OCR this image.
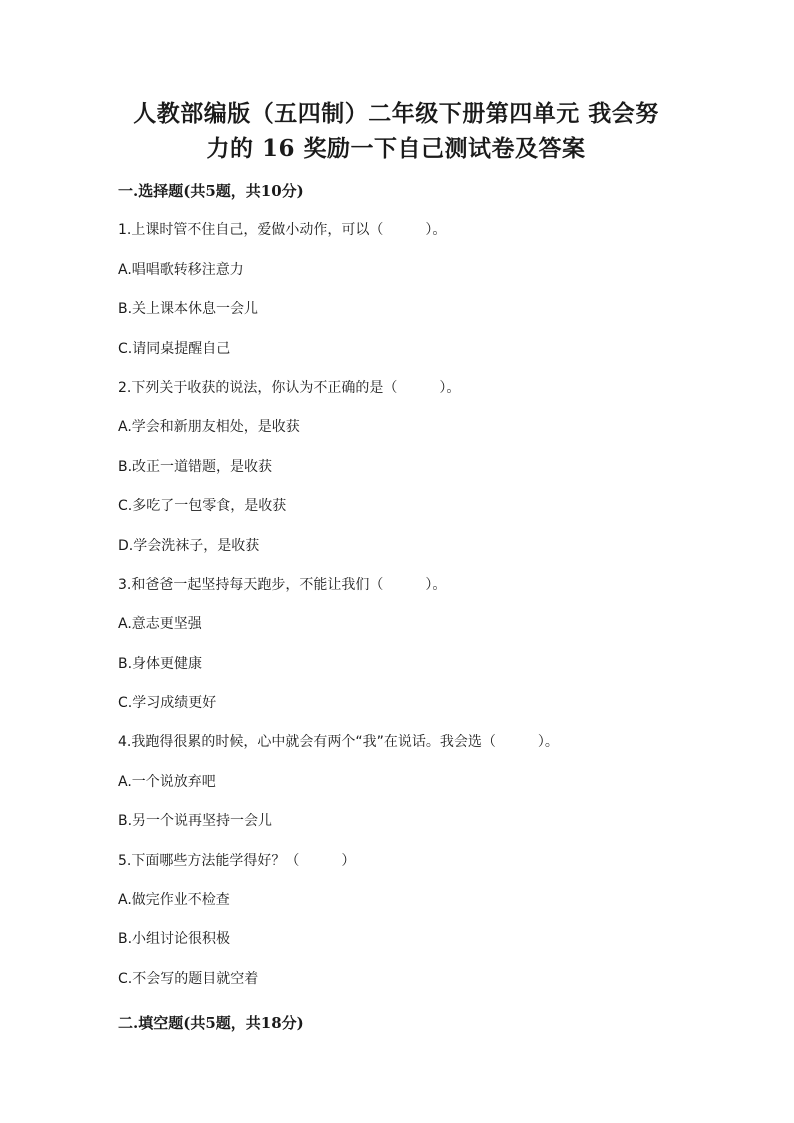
人教部编版（五四制）二年级下册第四单元 我会努
力的 16 奖励一下自己测试卷及答案
一.选择题(共5题，共10分)
1.上课时管不住自己，爱做小动作，可以（　　　）。
A.唱唱歌转移注意力
B.关上课本休息一会儿
C.请同桌提醒自己
2.下列关于收获的说法，你认为不正确的是（　　　）。
A.学会和新朋友相处，是收获
B.改正一道错题，是收获
C.多吃了一包零食，是收获
D.学会洗袜子，是收获
3.和爸爸一起坚持每天跑步，不能让我们（　　　）。
A.意志更坚强
B.身体更健康
C.学习成绩更好
4.我跑得很累的时候，心中就会有两个“我”在说话。我会选（　　　）。
A.一个说放弃吧
B.另一个说再坚持一会儿
5.下面哪些方法能学得好？（　　　）
A.做完作业不检查
B.小组讨论很积极
C.不会写的题目就空着
二.填空题(共5题，共18分)
